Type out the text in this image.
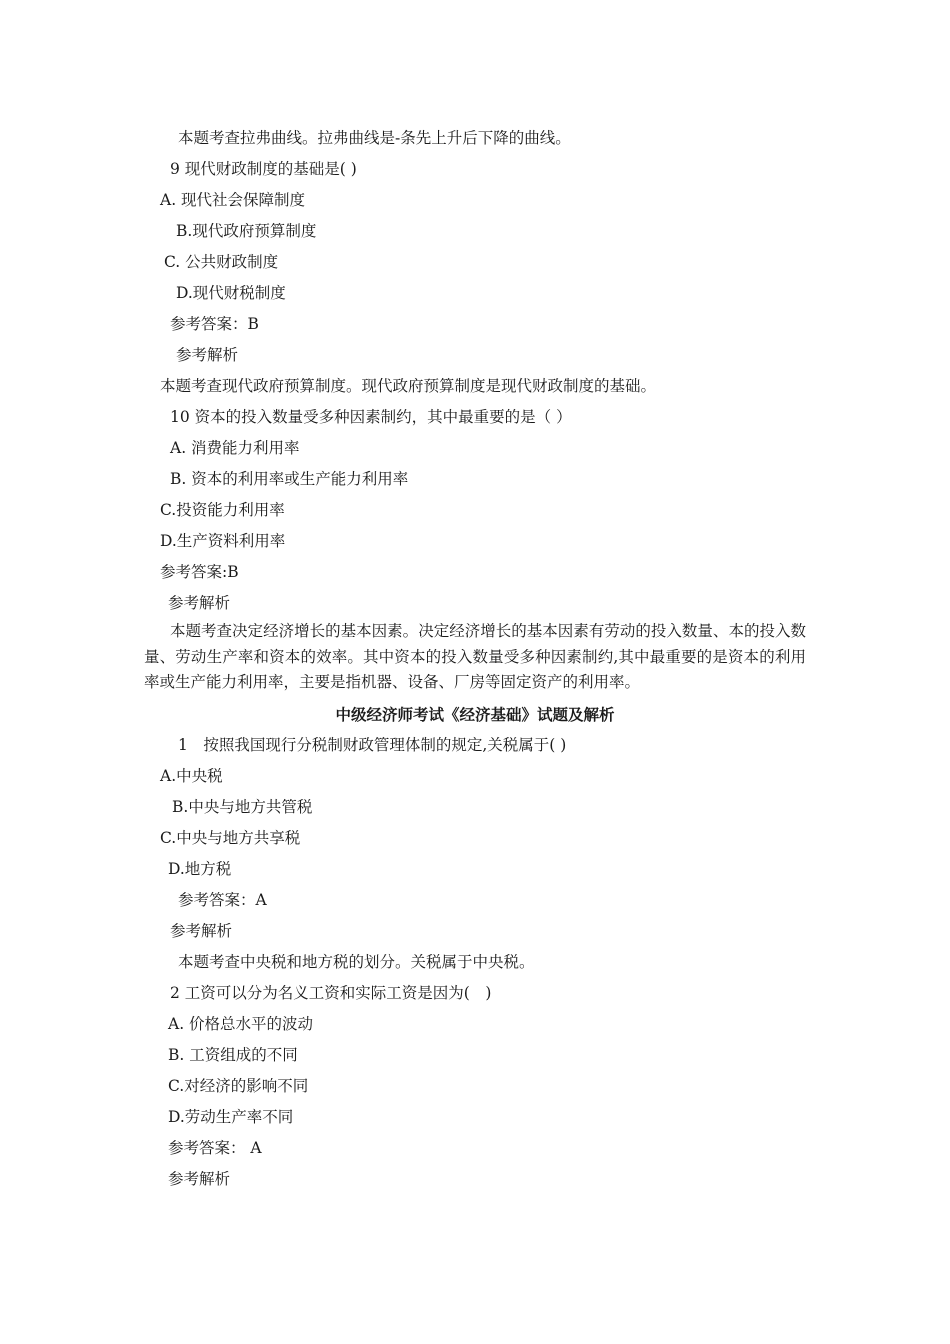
本题考查拉弗曲线。拉弗曲线是-条先上升后下降的曲线。
9 现代财政制度的基础是( )
A. 现代社会保障制度
B.现代政府预算制度
C. 公共财政制度
D.现代财税制度
参考答案：B
参考解析
本题考查现代政府预算制度。现代政府预算制度是现代财政制度的基础。
10 资本的投入数量受多种因素制约，其中最重要的是（ ）
A. 消费能力利用率
B. 资本的利用率或生产能力利用率
C.投资能力利用率
D.生产资料利用率
参考答案:B
参考解析
本题考查决定经济增长的基本因素。决定经济增长的基本因素有劳动的投入数量、本的投入数量、劳动生产率和资本的效率。其中资本的投入数量受多种因素制约,其中最重要的是资本的利用率或生产能力利用率，主要是指机器、设备、厂房等固定资产的利用率。
中级经济师考试《经济基础》试题及解析
1　按照我国现行分税制财政管理体制的规定,关税属于( )
A.中央税
B.中央与地方共管税
C.中央与地方共享税
D.地方税
参考答案：A
参考解析
本题考查中央税和地方税的划分。关税属于中央税。
2 工资可以分为名义工资和实际工资是因为(　)
A. 价格总水平的波动
B. 工资组成的不同
C.对经济的影响不同
D.劳动生产率不同
参考答案： A
参考解析
